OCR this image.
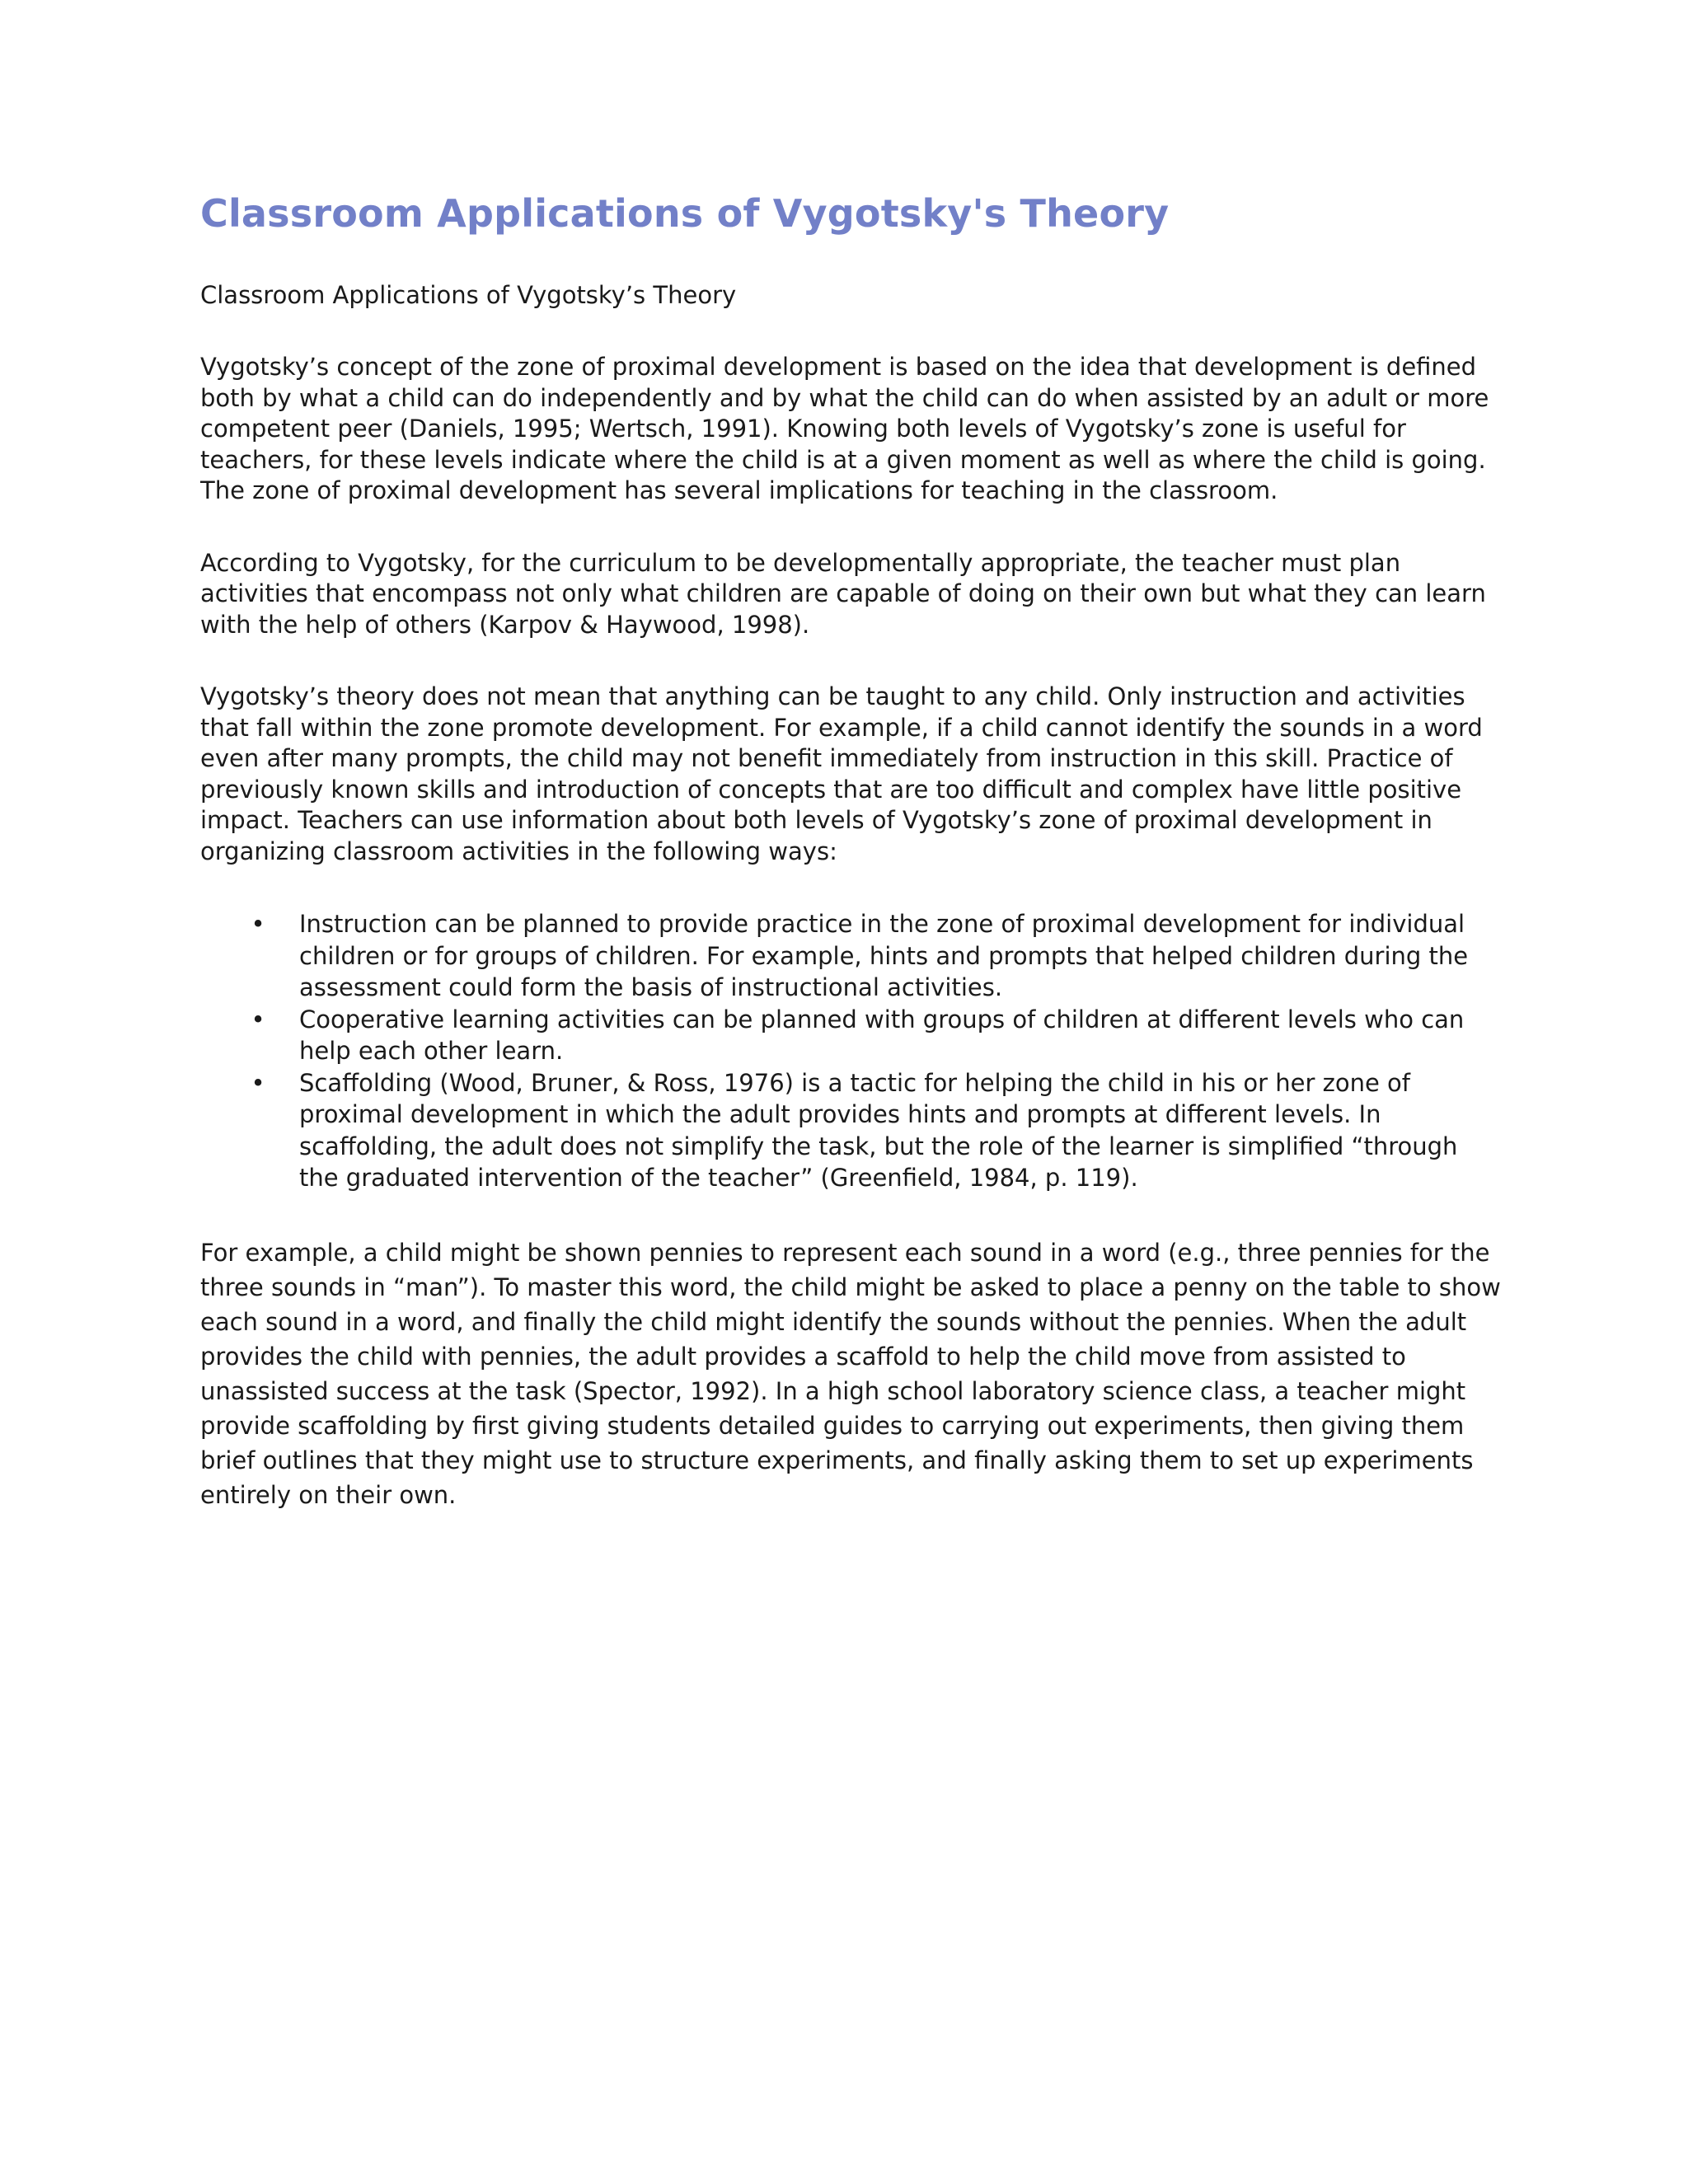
Classroom Applications of Vygotsky's Theory

Classroom Applications of Vygotsky’s Theory

Vygotsky’s concept of the zone of proximal development is based on the idea that development is defined both by what a child can do independently and by what the child can do when assisted by an adult or more competent peer (Daniels, 1995; Wertsch, 1991). Knowing both levels of Vygotsky’s zone is useful for teachers, for these levels indicate where the child is at a given moment as well as where the child is going. The zone of proximal development has several implications for teaching in the classroom.

According to Vygotsky, for the curriculum to be developmentally appropriate, the teacher must plan activities that encompass not only what children are capable of doing on their own but what they can learn with the help of others (Karpov & Haywood, 1998).

Vygotsky’s theory does not mean that anything can be taught to any child. Only instruction and activities that fall within the zone promote development. For example, if a child cannot identify the sounds in a word even after many prompts, the child may not benefit immediately from instruction in this skill. Practice of previously known skills and introduction of concepts that are too difficult and complex have little positive impact. Teachers can use information about both levels of Vygotsky’s zone of proximal development in organizing classroom activities in the following ways:

• Instruction can be planned to provide practice in the zone of proximal development for individual children or for groups of children. For example, hints and prompts that helped children during the assessment could form the basis of instructional activities.
• Cooperative learning activities can be planned with groups of children at different levels who can help each other learn.
• Scaffolding (Wood, Bruner, & Ross, 1976) is a tactic for helping the child in his or her zone of proximal development in which the adult provides hints and prompts at different levels. In scaffolding, the adult does not simplify the task, but the role of the learner is simplified “through the graduated intervention of the teacher” (Greenfield, 1984, p. 119).

For example, a child might be shown pennies to represent each sound in a word (e.g., three pennies for the three sounds in “man”). To master this word, the child might be asked to place a penny on the table to show each sound in a word, and finally the child might identify the sounds without the pennies. When the adult provides the child with pennies, the adult provides a scaffold to help the child move from assisted to unassisted success at the task (Spector, 1992). In a high school laboratory science class, a teacher might provide scaffolding by first giving students detailed guides to carrying out experiments, then giving them brief outlines that they might use to structure experiments, and finally asking them to set up experiments entirely on their own.
